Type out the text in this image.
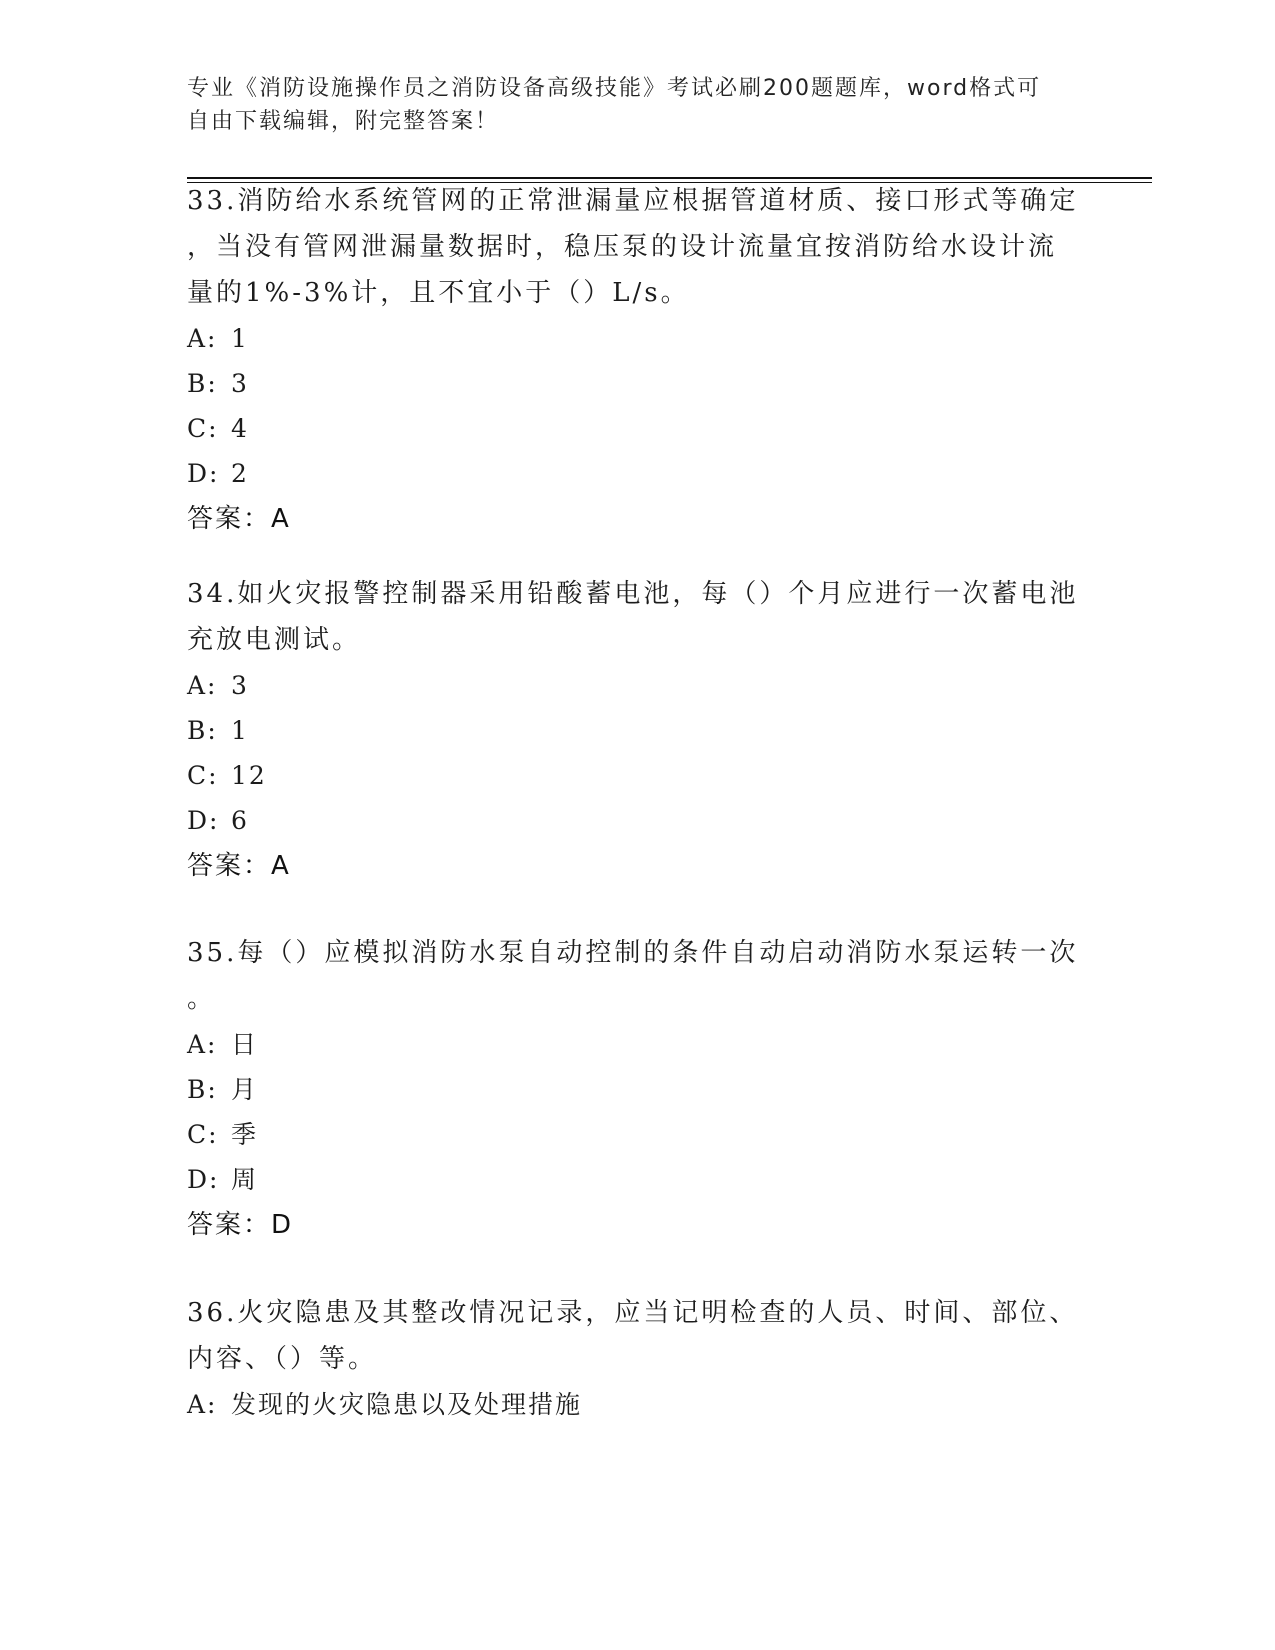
专业《消防设施操作员之消防设备高级技能》考试必刷200题题库，word格式可
自由下载编辑，附完整答案！

33.消防给水系统管网的正常泄漏量应根据管道材质、接口形式等确定

，当没有管网泄漏量数据时，稳压泵的设计流量宜按消防给水设计流

量的1%-3%计，且不宜小于（）L/s。

A: 1

B: 3

C: 4

D: 2

答案：A

34.如火灾报警控制器采用铅酸蓄电池，每（）个月应进行一次蓄电池

充放电测试。

A: 3

B: 1

C: 12

D: 6

答案：A

35.每（）应模拟消防水泵自动控制的条件自动启动消防水泵运转一次

。

A: 日

B: 月

C: 季

D: 周

答案：D

36.火灾隐患及其整改情况记录，应当记明检查的人员、时间、部位、

内容、（）等。

A: 发现的火灾隐患以及处理措施
